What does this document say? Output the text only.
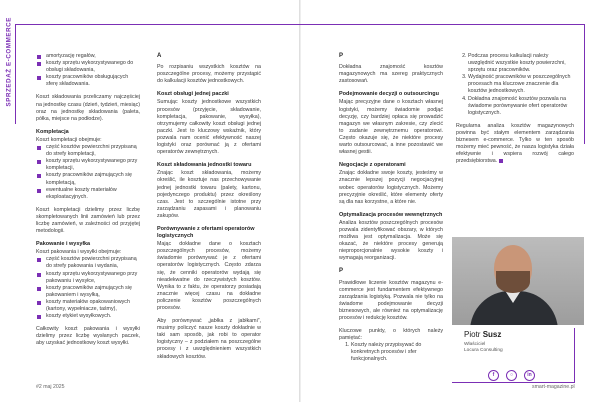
SPRZEDAŻ E-COMMERCE	amortyzację regałów,
koszty sprzętu wykorzystywanego do obsługi składowania,
koszty pracowników obsługujących sferę składowania.

Koszt składowania przeliczamy najczęściej na jednostkę czasu (dzień, tydzień, miesiąc) oraz na jednostkę składowania (paleta, półka, miejsce na podłodze).

Kompletacja

Koszt kompletacji obejmuje:

część kosztów powierzchni przypisaną do strefy kompletacji,
koszty sprzętu wykorzystywanego przy kompletacji,
koszty pracowników zajmujących się kompletacją,
ewentualne koszty materiałów eksploatacyjnych.

Koszt kompletacji dzielimy przez liczbę skompletowanych linii zamówień lub przez liczbę zamówień, w zależności od przyjętej metodologii.

Pakowanie i wysyłka

Koszt pakowania i wysyłki obejmuje:

część kosztów powierzchni przypisaną do strefy pakowania i wydania,
koszty sprzętu wykorzystywanego przy pakowaniu i wysyłce,
koszty pracowników zajmujących się pakowaniem i wysyłką,
koszty materiałów opakowaniowych (kartony, wypełniacze, taśmy),
koszty etykiet wysyłkowych.

Całkowity koszt pakowania i wysyłki dzielimy przez liczbę wysłanych paczek, aby uzyskać jednostkowy koszt wysyłki.

A

Po rozpisaniu wszystkich kosztów na poszczególne procesy, możemy przystąpić do kalkulacji kosztów jednostkowych.

Koszt obsługi jednej paczki

Sumując koszty jednostkowe wszystkich procesów (przyjęcie, składowanie, kompletacja, pakowanie, wysyłka), otrzymujemy całkowity koszt obsługi jednej paczki. Jest to kluczowy wskaźnik, który pozwala nam ocenić efektywność naszej logistyki oraz porównać ją z ofertami operatorów zewnętrznych.

Koszt składowania jednostki towaru

Znając koszt składowania, możemy określić, ile kosztuje nas przechowywanie jednej jednostki towaru (palety, kartonu, pojedynczego produktu) przez określony czas. Jest to szczególnie istotne przy zarządzaniu zapasami i planowaniu zakupów.

Porównywanie z ofertami operatorów logistycznych

Mając dokładne dane o kosztach poszczególnych procesów, możemy świadomie porównywać je z ofertami operatorów logistycznych. Często zdarza się, że cenniki operatorów wydają się nieadekwatne do rzeczywistych kosztów. Wynika to z faktu, że operatorzy posiadają znacznie więcej czasu na dokładne policzenie kosztów poszczególnych procesów.

Aby porównywać „jabłka z jabłkami”, musimy policzyć nasze koszty dokładnie w taki sam sposób, jak robi to operator logistyczny – z podziałem na poszczególne procesy i z uwzględnieniem wszystkich składowych kosztów.

P

Dokładna znajomość kosztów magazynowych ma szereg praktycznych zastosowań.

Podejmowanie decyzji o outsourcingu

Mając precyzyjne dane o kosztach własnej logistyki, możemy świadomie podjąć decyzję, czy bardziej opłaca się prowadzić magazyn we własnym zakresie, czy zlecić to zadanie zewnętrznemu operatorowi. Często okazuje się, że niektóre procesy warto outsourcować, a inne pozostawić we własnej gestii.

Negocjacje z operatorami

Znając dokładne swoje koszty, jesteśmy w znacznie lepszej pozycji negocjacyjnej wobec operatorów logistycznych. Możemy precyzyjnie określić, które elementy oferty są dla nas korzystne, a które nie.

Optymalizacja procesów wewnętrznych

Analiza kosztów poszczególnych procesów pozwala zidentyfikować obszary, w których możliwa jest optymalizacja. Może się okazać, że niektóre procesy generują nieproporcjonalnie wysokie koszty i wymagają reorganizacji.

P

Prawidłowe liczenie kosztów magazynu e-commerce jest fundamentem efektywnego zarządzania logistyką. Pozwala nie tylko na świadome podejmowanie decyzji biznesowych, ale również na optymalizację procesów i redukcję kosztów.

Kluczowe punkty, o których należy pamiętać:

1. Koszty należy przypisywać do konkretnych procesów i sfer funkcjonalnych.
2. Podczas procesu kalkulacji należy uwzględnić wszystkie koszty powierzchni, sprzętu oraz pracowników.
3. Wydajność pracowników w poszczególnych procesach ma kluczowe znaczenie dla kosztów jednostkowych.
4. Dokładna znajomość kosztów pozwala na świadome porównywanie ofert operatorów logistycznych.

Regularna analiza kosztów magazynowych powinna być stałym elementem zarządzania biznesem e-commerce. Tylko w ten sposób możemy mieć pewność, że nasza logistyka działa efektywnie i wspiera rozwój całego przedsiębiorstwa.

Piotr Susz
Właściciel
Locura Consulting
f	○	in
#2 maj 2025	smart-magazine.pl
